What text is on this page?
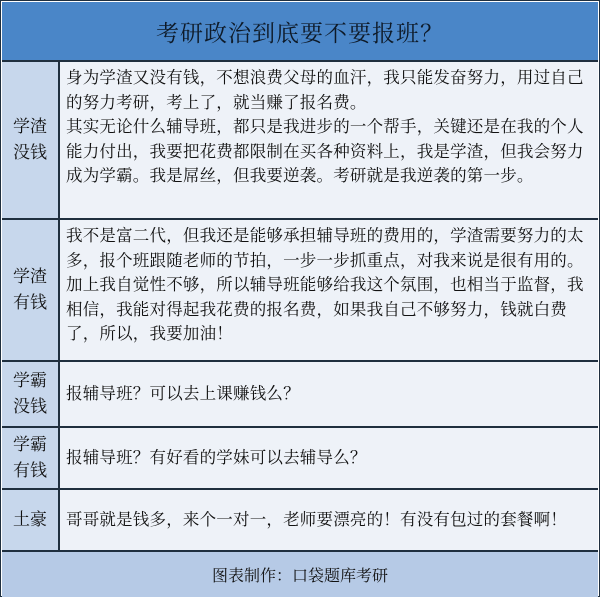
考研政治到底要不要报班？
学渣没钱

身为学渣又没有钱，不想浪费父母的血汗，我只能发奋努力，用过自己的努力考研，考上了，就当赚了报名费。

其实无论什么辅导班，都只是我进步的一个帮手，关键还是在我的个人能力付出，我要把花费都限制在买各种资料上，我是学渣，但我会努力成为学霸。我是屌丝，但我要逆袭。考研就是我逆袭的第一步。

学渣有钱

我不是富二代，但我还是能够承担辅导班的费用的，学渣需要努力的太多，报个班跟随老师的节拍，一步一步抓重点，对我来说是很有用的。加上我自觉性不够，所以辅导班能够给我这个氛围，也相当于监督，我相信，我能对得起我花费的报名费，如果我自己不够努力，钱就白费了，所以，我要加油！

学霸没钱

报辅导班？可以去上课赚钱么？

学霸有钱

报辅导班？有好看的学妹可以去辅导么？

土豪 哥哥就是钱多，来个一对一，老师要漂亮的！有没有包过的套餐啊！

图表制作：口袋题库考研
